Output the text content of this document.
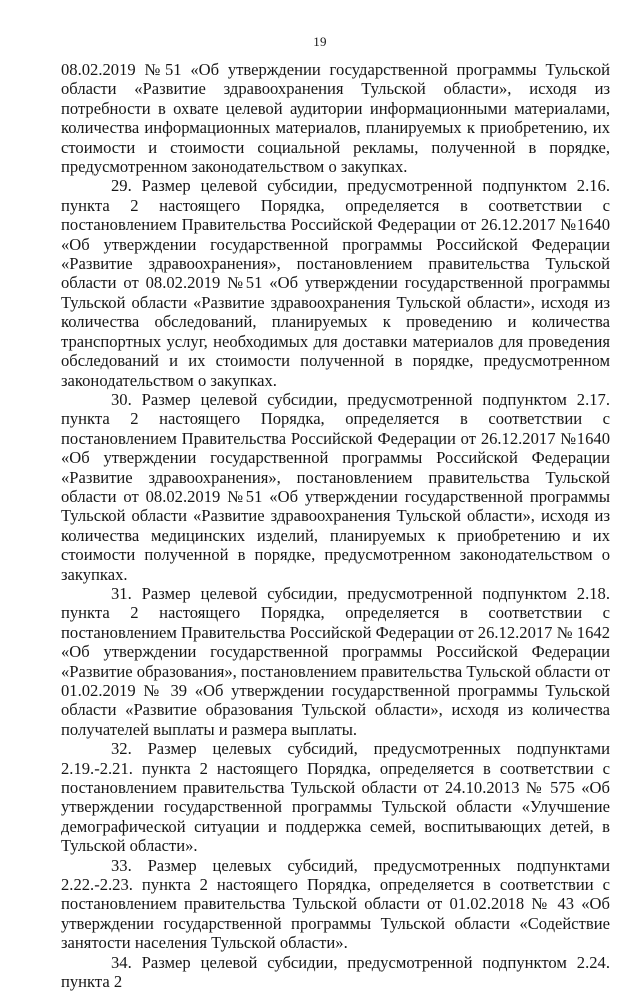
19

08.02.2019 №51 «Об утверждении государственной программы Тульской области «Развитие здравоохранения Тульской области», исходя из потребности в охвате целевой аудитории информационными материалами, количества информационных материалов, планируемых к приобретению, их стоимости и стоимости социальной рекламы, полученной в порядке, предусмотренном законодательством о закупках.

29. Размер целевой субсидии, предусмотренной подпунктом 2.16. пункта 2 настоящего Порядка, определяется в соответствии с постановлением Правительства Российской Федерации от 26.12.2017 №1640 «Об утверждении государственной программы Российской Федерации «Развитие здравоохранения», постановлением правительства Тульской области от 08.02.2019 №51 «Об утверждении государственной программы Тульской области «Развитие здравоохранения Тульской области», исходя из количества обследований, планируемых к проведению и количества транспортных услуг, необходимых для доставки материалов для проведения обследований и их стоимости полученной в порядке, предусмотренном законодательством о закупках.

30. Размер целевой субсидии, предусмотренной подпунктом 2.17. пункта 2 настоящего Порядка, определяется в соответствии с постановлением Правительства Российской Федерации от 26.12.2017 №1640 «Об утверждении государственной программы Российской Федерации «Развитие здравоохранения», постановлением правительства Тульской области от 08.02.2019 №51 «Об утверждении государственной программы Тульской области «Развитие здравоохранения Тульской области», исходя из количества медицинских изделий, планируемых к приобретению и их стоимости полученной в порядке, предусмотренном законодательством о закупках.

31. Размер целевой субсидии, предусмотренной подпунктом 2.18. пункта 2 настоящего Порядка, определяется в соответствии с постановлением Правительства Российской Федерации от 26.12.2017 № 1642 «Об утверждении государственной программы Российской Федерации «Развитие образования», постановлением правительства Тульской области от 01.02.2019 № 39 «Об утверждении государственной программы Тульской области «Развитие образования Тульской области», исходя из количества получателей выплаты и размера выплаты.

32. Размер целевых субсидий, предусмотренных подпунктами 2.19.-2.21. пункта 2 настоящего Порядка, определяется в соответствии с постановлением правительства Тульской области от 24.10.2013 № 575 «Об утверждении государственной программы Тульской области «Улучшение демографической ситуации и поддержка семей, воспитывающих детей, в Тульской области».

33. Размер целевых субсидий, предусмотренных подпунктами 2.22.-2.23. пункта 2 настоящего Порядка, определяется в соответствии с постановлением правительства Тульской области от 01.02.2018 № 43 «Об утверждении государственной программы Тульской области «Содействие занятости населения Тульской области».

34. Размер целевой субсидии, предусмотренной подпунктом 2.24. пункта 2
